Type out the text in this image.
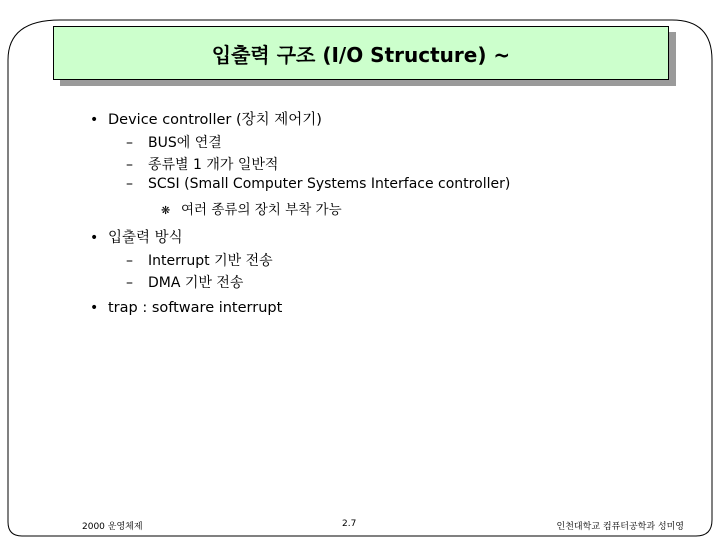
입출력 구조 (I/O Structure) ~
• Device controller (장치 제어기)
–	BUS에 연결
–	종류별 1 개가 일반적
–	SCSI (Small Computer Systems Interface controller)
❋ 여러 종류의 장치 부착 가능
• 입출력 방식
–	Interrupt 기반 전송
–	DMA 기반 전송
• trap : software interrupt
2000 운영체제	2.7	인천대학교 컴퓨터공학과 성미영
